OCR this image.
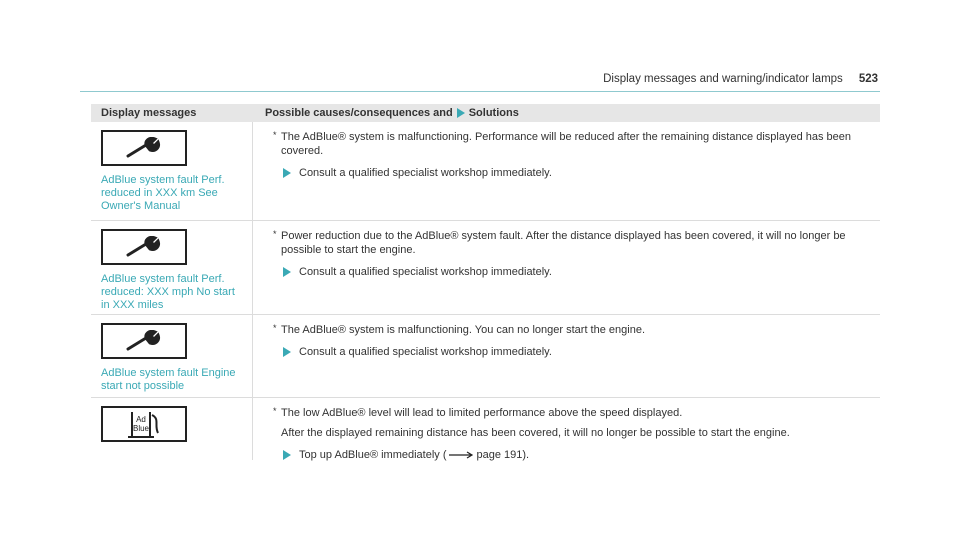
Display messages and warning/indicator lamps 523
Display messages	Possible causes/consequences and Solutions
AdBlue system fault Perf.
reduced in XXX km See
Owner's Manual
* The AdBlue® system is malfunctioning. Performance will be reduced after the remaining distance displayed has been covered.
Consult a qualified specialist workshop immediately.
AdBlue system fault Perf.
reduced: XXX mph No start
in XXX miles
* Power reduction due to the AdBlue® system fault. After the distance displayed has been covered, it will no longer be possible to start the engine.
Consult a qualified specialist workshop immediately.
AdBlue system fault Engine
start not possible
* The AdBlue® system is malfunctioning. You can no longer start the engine.
Consult a qualified specialist workshop immediately.
Ad
Blue
* The low AdBlue® level will lead to limited performance above the speed displayed.

After the displayed remaining distance has been covered, it will no longer be possible to start the engine.

Top up AdBlue® immediately (	page 191).
